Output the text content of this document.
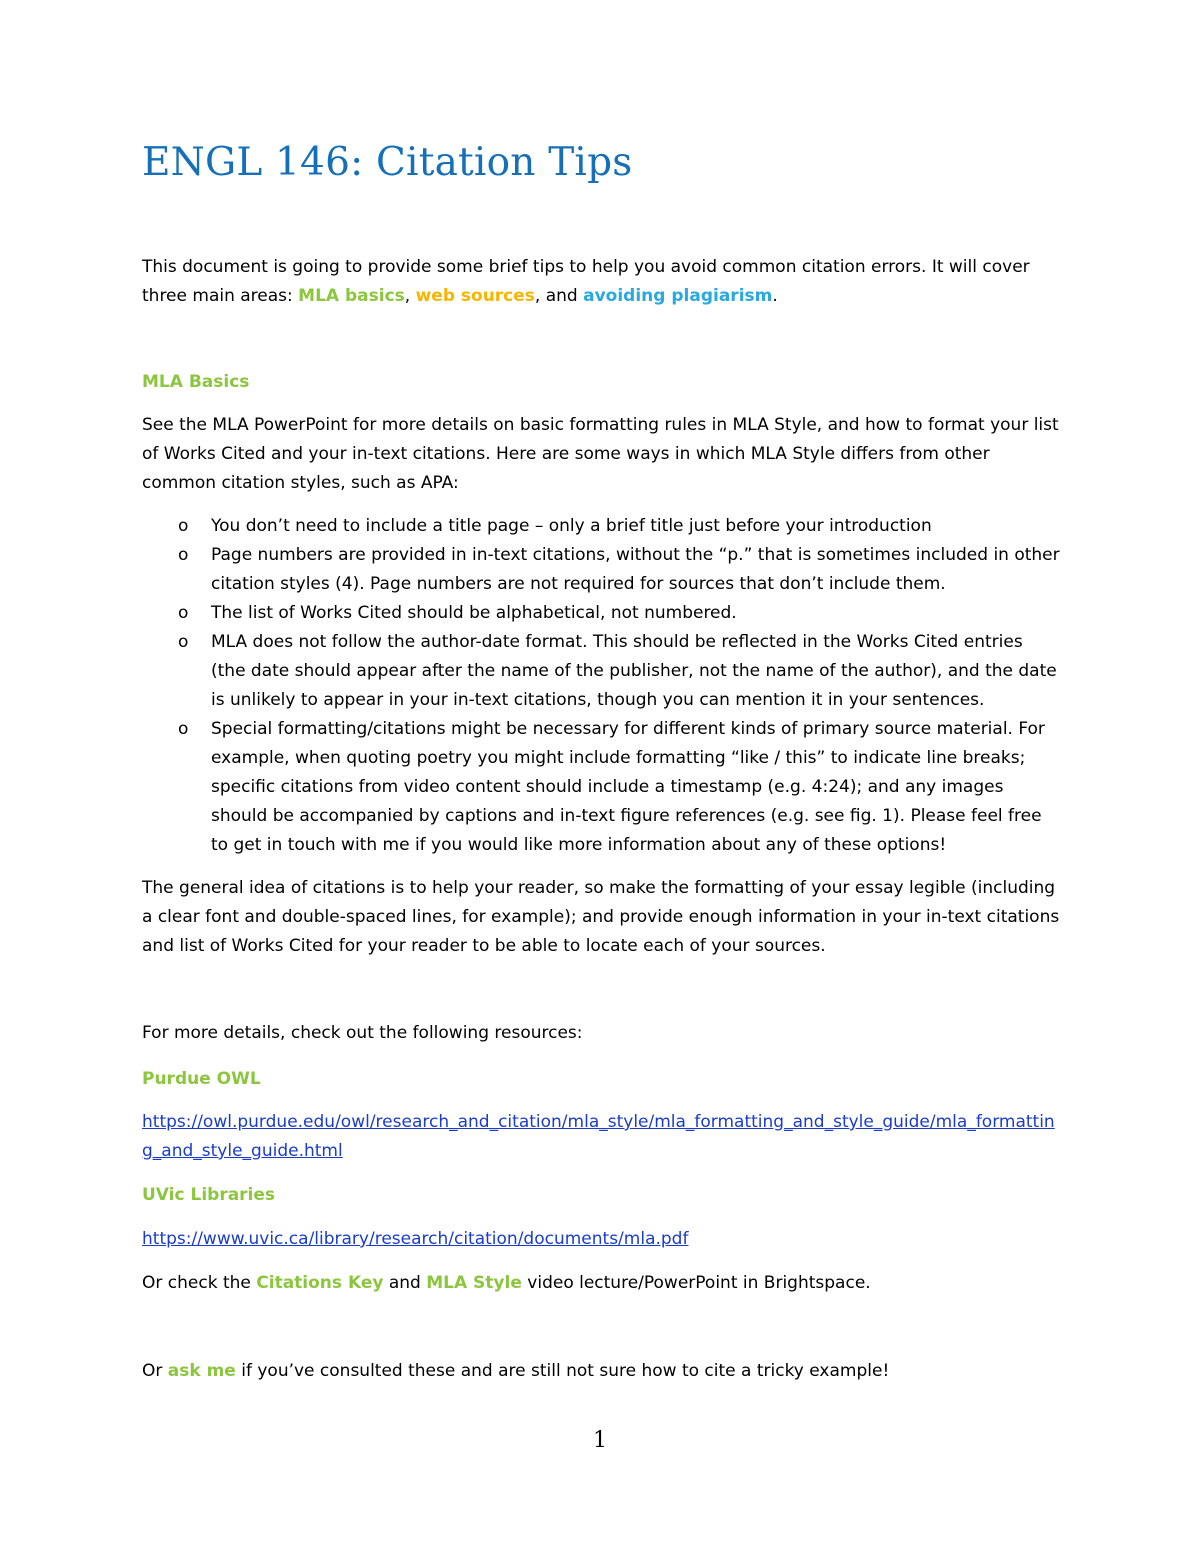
ENGL 146: Citation Tips

This document is going to provide some brief tips to help you avoid common citation errors. It will cover three main areas: MLA basics, web sources, and avoiding plagiarism.

MLA Basics

See the MLA PowerPoint for more details on basic formatting rules in MLA Style, and how to format your list of Works Cited and your in-text citations. Here are some ways in which MLA Style differs from other common citation styles, such as APA:

o You don’t need to include a title page – only a brief title just before your introduction
o Page numbers are provided in in-text citations, without the “p.” that is sometimes included in other citation styles (4). Page numbers are not required for sources that don’t include them.
o The list of Works Cited should be alphabetical, not numbered.
o MLA does not follow the author-date format. This should be reflected in the Works Cited entries (the date should appear after the name of the publisher, not the name of the author), and the date is unlikely to appear in your in-text citations, though you can mention it in your sentences.
o Special formatting/citations might be necessary for different kinds of primary source material. For example, when quoting poetry you might include formatting “like / this” to indicate line breaks; specific citations from video content should include a timestamp (e.g. 4:24); and any images should be accompanied by captions and in-text figure references (e.g. see fig. 1). Please feel free to get in touch with me if you would like more information about any of these options!

The general idea of citations is to help your reader, so make the formatting of your essay legible (including a clear font and double-spaced lines, for example); and provide enough information in your in-text citations and list of Works Cited for your reader to be able to locate each of your sources.

For more details, check out the following resources:

Purdue OWL

https://owl.purdue.edu/owl/research_and_citation/mla_style/mla_formatting_and_style_guide/mla_formatting_and_style_guide.html

UVic Libraries

https://www.uvic.ca/library/research/citation/documents/mla.pdf

Or check the Citations Key and MLA Style video lecture/PowerPoint in Brightspace.

Or ask me if you’ve consulted these and are still not sure how to cite a tricky example!

1
